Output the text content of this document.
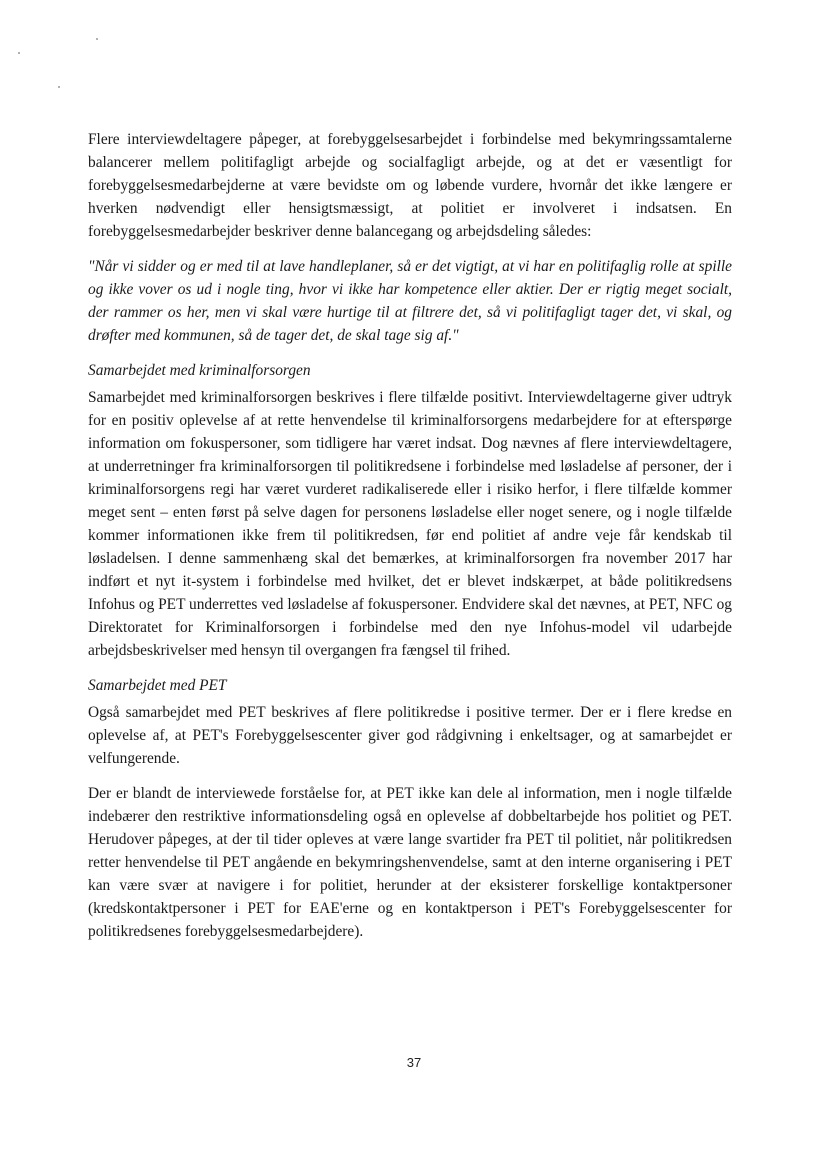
Flere interviewdeltagere påpeger, at forebyggelsesarbejdet i forbindelse med bekymringssamtalerne balancerer mellem politifagligt arbejde og socialfagligt arbejde, og at det er væsentligt for forebyggelsesmedarbejderne at være bevidste om og løbende vurdere, hvornår det ikke længere er hverken nødvendigt eller hensigtsmæssigt, at politiet er involveret i indsatsen. En forebyggelsesmedarbejder beskriver denne balancegang og arbejdsdeling således:

"Når vi sidder og er med til at lave handleplaner, så er det vigtigt, at vi har en politifaglig rolle at spille og ikke vover os ud i nogle ting, hvor vi ikke har kompetence eller aktier. Der er rigtig meget socialt, der rammer os her, men vi skal være hurtige til at filtrere det, så vi politifagligt tager det, vi skal, og drøfter med kommunen, så de tager det, de skal tage sig af."

Samarbejdet med kriminalforsorgen

Samarbejdet med kriminalforsorgen beskrives i flere tilfælde positivt. Interviewdeltagerne giver udtryk for en positiv oplevelse af at rette henvendelse til kriminalforsorgens medarbejdere for at efterspørge information om fokuspersoner, som tidligere har været indsat. Dog nævnes af flere interviewdeltagere, at underretninger fra kriminalforsorgen til politikredsene i forbindelse med løsladelse af personer, der i kriminalforsorgens regi har været vurderet radikaliserede eller i risiko herfor, i flere tilfælde kommer meget sent – enten først på selve dagen for personens løsladelse eller noget senere, og i nogle tilfælde kommer informationen ikke frem til politikredsen, før end politiet af andre veje får kendskab til løsladelsen. I denne sammenhæng skal det bemærkes, at kriminalforsorgen fra november 2017 har indført et nyt it-system i forbindelse med hvilket, det er blevet indskærpet, at både politikredsens Infohus og PET underrettes ved løsladelse af fokuspersoner. Endvidere skal det nævnes, at PET, NFC og Direktoratet for Kriminalforsorgen i forbindelse med den nye Infohus-model vil udarbejde arbejdsbeskrivelser med hensyn til overgangen fra fængsel til frihed.

Samarbejdet med PET

Også samarbejdet med PET beskrives af flere politikredse i positive termer. Der er i flere kredse en oplevelse af, at PET's Forebyggelsescenter giver god rådgivning i enkeltsager, og at samarbejdet er velfungerende.

Der er blandt de interviewede forståelse for, at PET ikke kan dele al information, men i nogle tilfælde indebærer den restriktive informationsdeling også en oplevelse af dobbeltarbejde hos politiet og PET. Herudover påpeges, at der til tider opleves at være lange svartider fra PET til politiet, når politikredsen retter henvendelse til PET angående en bekymringshenvendelse, samt at den interne organisering i PET kan være svær at navigere i for politiet, herunder at der eksisterer forskellige kontaktpersoner (kredskontaktpersoner i PET for EAE'erne og en kontaktperson i PET's Forebyggelsescenter for politikredsenes forebyggelsesmedarbejdere).

37
